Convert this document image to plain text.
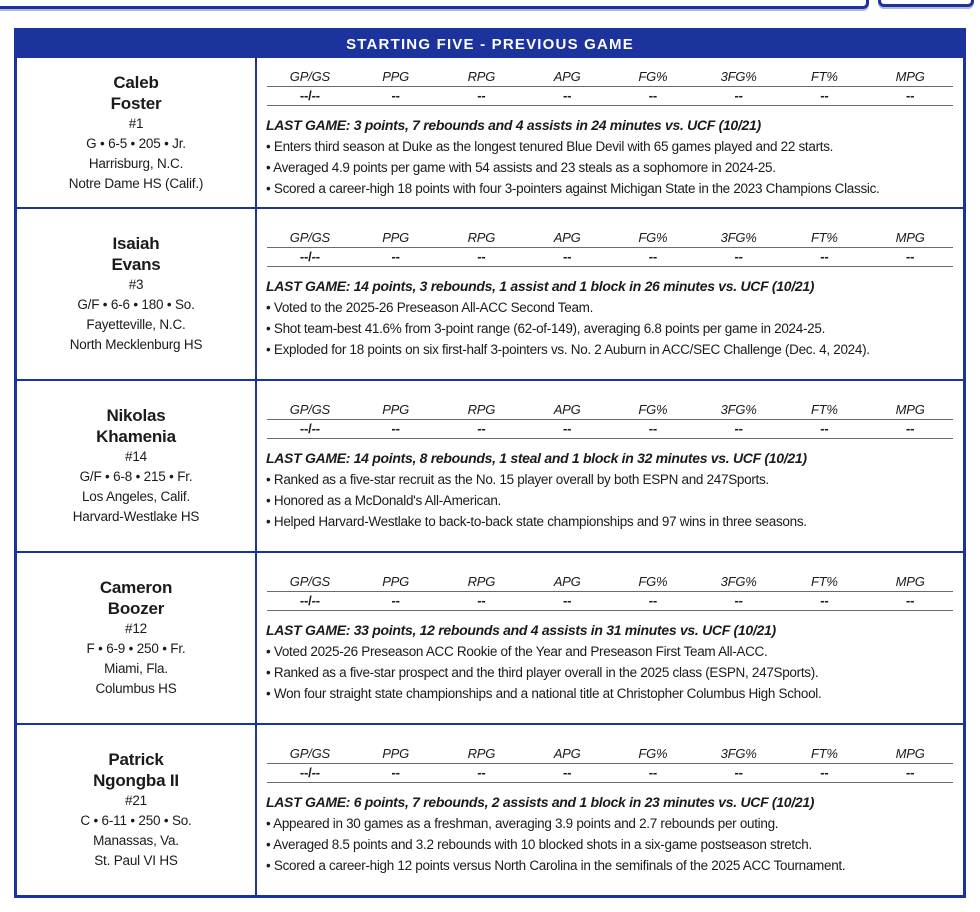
STARTING FIVE - PREVIOUS GAME
Caleb
Foster
#1
G • 6-5 • 205 • Jr.
Harrisburg, N.C.
Notre Dame HS (Calif.)
GP/GS	PPG	RPG	APG	FG%	3FG%	FT%	MPG
--/--	--	--	--	--	--	--	--
LAST GAME: 3 points, 7 rebounds and 4 assists in 24 minutes vs. UCF (10/21)
• Enters third season at Duke as the longest tenured Blue Devil with 65 games played and 22 starts.
• Averaged 4.9 points per game with 54 assists and 23 steals as a sophomore in 2024-25.
• Scored a career-high 18 points with four 3-pointers against Michigan State in the 2023 Champions Classic.
Isaiah
Evans
#3
G/F • 6-6 • 180 • So.
Fayetteville, N.C.
North Mecklenburg HS
GP/GS	PPG	RPG	APG	FG%	3FG%	FT%	MPG
--/--	--	--	--	--	--	--	--
LAST GAME: 14 points, 3 rebounds, 1 assist and 1 block in 26 minutes vs. UCF (10/21)
• Voted to the 2025-26 Preseason All-ACC Second Team.
• Shot team-best 41.6% from 3-point range (62-of-149), averaging 6.8 points per game in 2024-25.
• Exploded for 18 points on six first-half 3-pointers vs. No. 2 Auburn in ACC/SEC Challenge (Dec. 4, 2024).
Nikolas
Khamenia
#14
G/F • 6-8 • 215 • Fr.
Los Angeles, Calif.
Harvard-Westlake HS
GP/GS	PPG	RPG	APG	FG%	3FG%	FT%	MPG
--/--	--	--	--	--	--	--	--
LAST GAME: 14 points, 8 rebounds, 1 steal and 1 block in 32 minutes vs. UCF (10/21)
• Ranked as a five-star recruit as the No. 15 player overall by both ESPN and 247Sports.
• Honored as a McDonald's All-American.
• Helped Harvard-Westlake to back-to-back state championships and 97 wins in three seasons.
Cameron
Boozer
#12
F • 6-9 • 250 • Fr.
Miami, Fla.
Columbus HS
GP/GS	PPG	RPG	APG	FG%	3FG%	FT%	MPG
--/--	--	--	--	--	--	--	--
LAST GAME: 33 points, 12 rebounds and 4 assists in 31 minutes vs. UCF (10/21)
• Voted 2025-26 Preseason ACC Rookie of the Year and Preseason First Team All-ACC.
• Ranked as a five-star prospect and the third player overall in the 2025 class (ESPN, 247Sports).
• Won four straight state championships and a national title at Christopher Columbus High School.
Patrick
Ngongba II
#21
C • 6-11 • 250 • So.
Manassas, Va.
St. Paul VI HS
GP/GS	PPG	RPG	APG	FG%	3FG%	FT%	MPG
--/--	--	--	--	--	--	--	--
LAST GAME: 6 points, 7 rebounds, 2 assists and 1 block in 23 minutes vs. UCF (10/21)
• Appeared in 30 games as a freshman, averaging 3.9 points and 2.7 rebounds per outing.
• Averaged 8.5 points and 3.2 rebounds with 10 blocked shots in a six-game postseason stretch.
• Scored a career-high 12 points versus North Carolina in the semifinals of the 2025 ACC Tournament.
